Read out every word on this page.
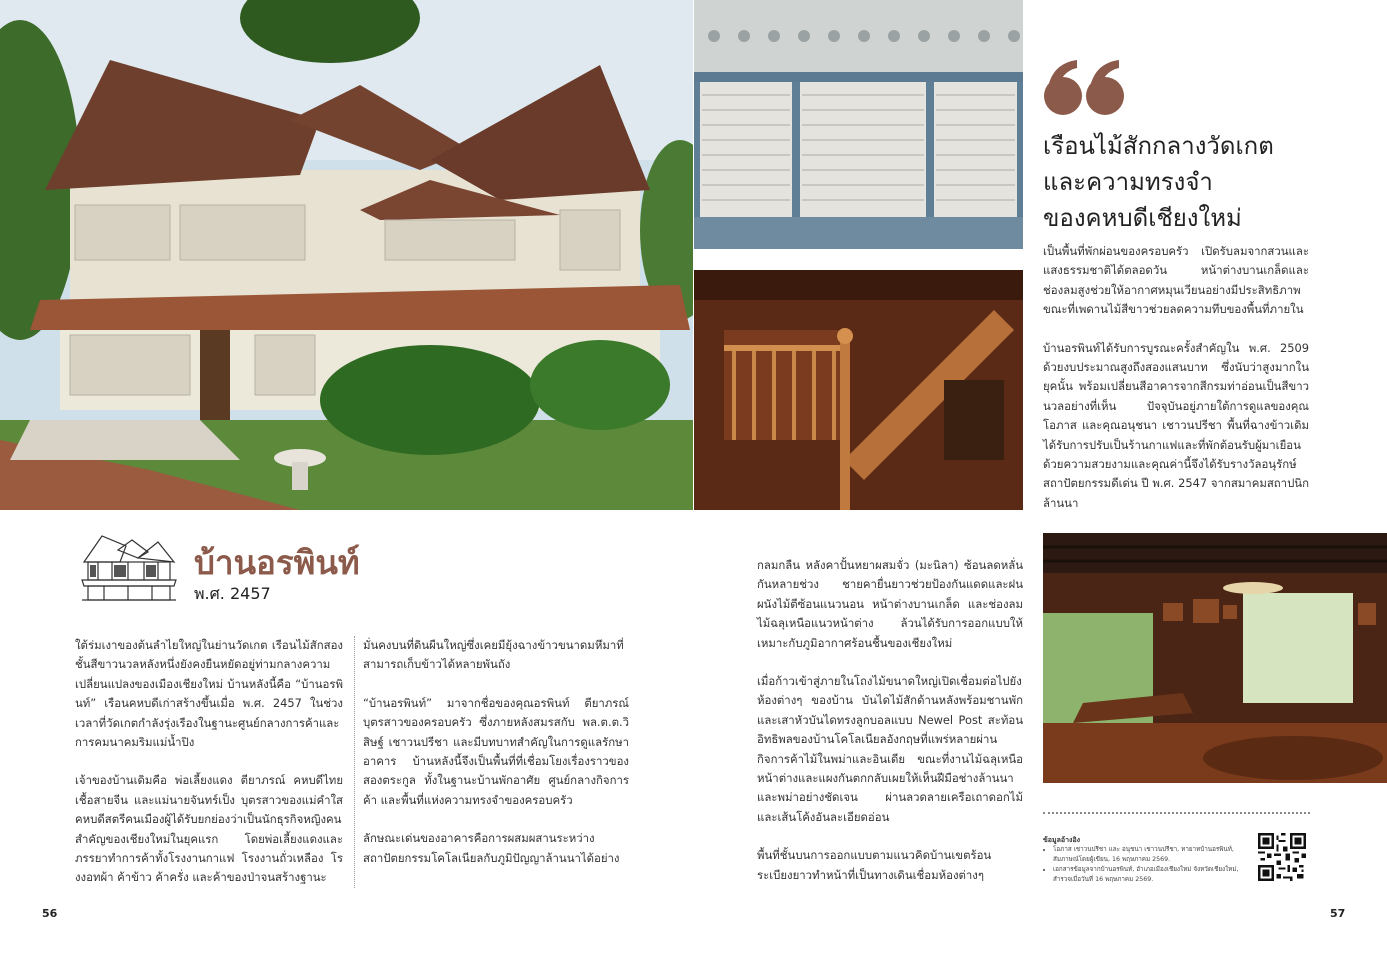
บ้านอรพินท์
พ.ศ. 2457

ใต้ร่มเงาของต้นลำไยใหญ่ในย่านวัดเกต เรือนไม้สักสองชั้นสีขาวนวลหลังหนึ่งยังคงยืนหยัดอยู่ท่ามกลางความเปลี่ยนแปลงของเมืองเชียงใหม่ บ้านหลังนี้คือ “บ้านอรพินท์” เรือนคหบดีเก่าสร้างขึ้นเมื่อ พ.ศ. 2457 ในช่วงเวลาที่วัดเกตกำลังรุ่งเรืองในฐานะศูนย์กลางการค้าและการคมนาคมริมแม่น้ำปิง

เจ้าของบ้านเดิมคือ พ่อเลี้ยงแดง ตียาภรณ์ คหบดีไทยเชื้อสายจีน และแม่นายจันทร์เป็ง บุตรสาวของแม่คำใส คหบดีสตรีคนเมืองผู้ได้รับยกย่องว่าเป็นนักธุรกิจหญิงคนสำคัญของเชียงใหม่ในยุคแรก โดยพ่อเลี้ยงแดงและภรรยาทำการค้าทั้งโรงงานกาแฟ โรงงานถั่วเหลือง โรงงอทผ้า ค้าข้าว ค้าครั่ง และค้าของป่าจนสร้างฐานะ

มั่นคงบนที่ดินผืนใหญ่ซึ่งเคยมียุ้งฉางข้าวขนาดมหึมาที่สามารถเก็บข้าวได้หลายพันถัง

“บ้านอรพินท์” มาจากชื่อของคุณอรพินท์ ตียาภรณ์ บุตรสาวของครอบครัว ซึ่งภายหลังสมรสกับ พล.ต.ต.วิสิษฐ์ เชาวนปรีชา และมีบทบาทสำคัญในการดูแลรักษาอาคาร บ้านหลังนี้จึงเป็นพื้นที่ที่เชื่อมโยงเรื่องราวของสองตระกูล ทั้งในฐานะบ้านพักอาศัย ศูนย์กลางกิจการค้า และพื้นที่แห่งความทรงจำของครอบครัว

ลักษณะเด่นของอาคารคือการผสมผสานระหว่างสถาปัตยกรรมโคโลเนียลกับภูมิปัญญาล้านนาได้อย่าง

กลมกลืน หลังคาปั้นหยาผสมจั่ว (มะนิลา) ซ้อนลดหลั่นกันหลายช่วง ชายคายื่นยาวช่วยป้องกันแดดและฝน ผนังไม้ตีซ้อนแนวนอน หน้าต่างบานเกล็ด และช่องลมไม้ฉลุเหนือแนวหน้าต่าง ล้วนได้รับการออกแบบให้เหมาะกับภูมิอากาศร้อนชื้นของเชียงใหม่

เมื่อก้าวเข้าสู่ภายในโถงไม้ขนาดใหญ่เปิดเชื่อมต่อไปยังห้องต่างๆ ของบ้าน บันไดไม้สักด้านหลังพร้อมชานพักและเสาหัวบันไดทรงลูกบอลแบบ Newel Post สะท้อนอิทธิพลของบ้านโคโลเนียลอังกฤษที่แพร่หลายผ่านกิจการค้าไม้ในพม่าและอินเดีย ขณะที่งานไม้ฉลุเหนือหน้าต่างและแผงกันตกกลับเผยให้เห็นฝีมือช่างล้านนาและพม่าอย่างชัดเจน ผ่านลวดลายเครือเถาดอกไม้ และเส้นโค้งอันละเอียดอ่อน

พื้นที่ชั้นบนการออกแบบตามแนวคิดบ้านเขตร้อน ระเบียงยาวทำหน้าที่เป็นทางเดินเชื่อมห้องต่างๆ

เรือนไม้สักกลางวัดเกต
และความทรงจำ
ของคหบดีเชียงใหม่

เป็นพื้นที่พักผ่อนของครอบครัว เปิดรับลมจากสวนและแสงธรรมชาติได้ตลอดวัน หน้าต่างบานเกล็ดและช่องลมสูงช่วยให้อากาศหมุนเวียนอย่างมีประสิทธิภาพ ขณะที่เพดานไม้สีขาวช่วยลดความทึบของพื้นที่ภายใน

บ้านอรพินท์ได้รับการบูรณะครั้งสำคัญใน พ.ศ. 2509 ด้วยงบประมาณสูงถึงสองแสนบาท ซึ่งนับว่าสูงมากในยุคนั้น พร้อมเปลี่ยนสีอาคารจากสีกรมท่าอ่อนเป็นสีขาวนวลอย่างที่เห็น ปัจจุบันอยู่ภายใต้การดูแลของคุณโอภาส และคุณอนุชนา เชาวนปรีชา พื้นที่ฉางข้าวเดิมได้รับการปรับเป็นร้านกาแฟและที่พักต้อนรับผู้มาเยือน ด้วยความสวยงามและคุณค่านี้จึงได้รับรางวัลอนุรักษ์สถาปัตยกรรมดีเด่น ปี พ.ศ. 2547 จากสมาคมสถาปนิกล้านนา

ข้อมูลอ้างอิง
• โอภาส เชาวนปรีชา และ อนุชนา เชาวนปรีชา, ทายาทบ้านอรพินท์, สัมภาษณ์โดยผู้เขียน, 16 พฤษภาคม 2569.
• เอกสารข้อมูลจากบ้านอรพินท์, อำเภอเมืองเชียงใหม่ จังหวัดเชียงใหม่, สำรวจเมื่อวันที่ 16 พฤษภาคม 2569.
56	57
